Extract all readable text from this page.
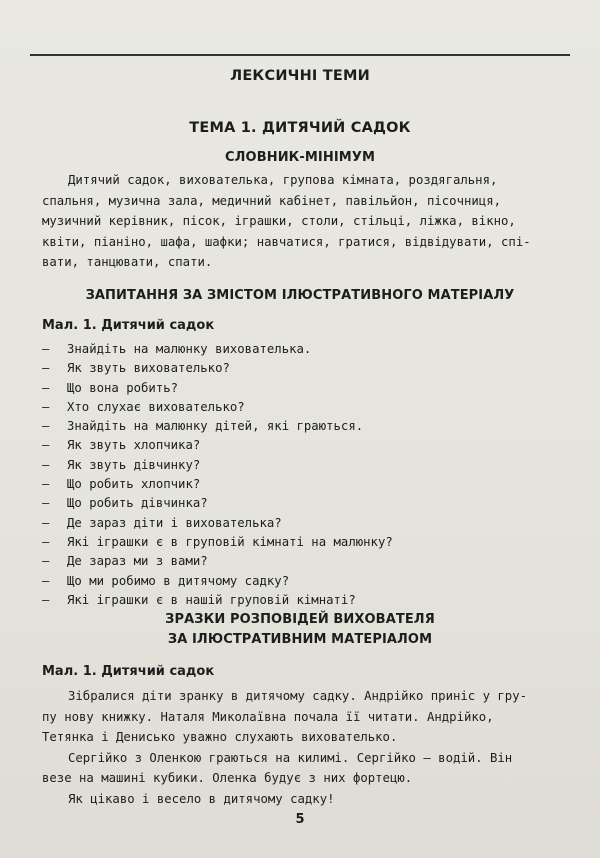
ЛЕКСИЧНІ ТЕМИ
ТЕМА 1. ДИТЯЧИЙ САДОК
СЛОВНИК-МІНІМУМ
Дитячий садок, вихователька, групова кімната, роздягальня,
спальня, музична зала, медичний кабінет, павільйон, пісочниця,
музичний керівник, пісок, іграшки, столи, стільці, ліжка, вікно,
квіти, піаніно, шафа, шафки; навчатися, гратися, відвідувати, спі-
вати, танцювати, спати.
ЗАПИТАННЯ ЗА ЗМІСТОМ ІЛЮСТРАТИВНОГО МАТЕРІАЛУ
Мал. 1. Дитячий садок
— Знайдіть на малюнку вихователька.
— Як звуть вихователько?
— Що вона робить?
— Хто слухає вихователько?
— Знайдіть на малюнку дітей, які граються.
— Як звуть хлопчика?
— Як звуть дівчинку?
— Що робить хлопчик?
— Що робить дівчинка?
— Де зараз діти і вихователька?
— Які іграшки є в груповій кімнаті на малюнку?
— Де зараз ми з вами?
— Що ми робимо в дитячому садку?
— Які іграшки є в нашій груповій кімнаті?
ЗРАЗКИ РОЗПОВІДЕЙ ВИХОВАТЕЛЯ
ЗА ІЛЮСТРАТИВНИМ МАТЕРІАЛОМ
Мал. 1. Дитячий садок
Зібралися діти зранку в дитячому садку. Андрійко приніс у гру-
пу нову книжку. Наталя Миколаївна почала її читати. Андрійко,
Тетянка і Денисько уважно слухають вихователько.
Сергійко з Оленкою граються на килимі. Сергійко — водій. Він
везе на машині кубики. Оленка будує з них фортецю.
Як цікаво і весело в дитячому садку!
5
